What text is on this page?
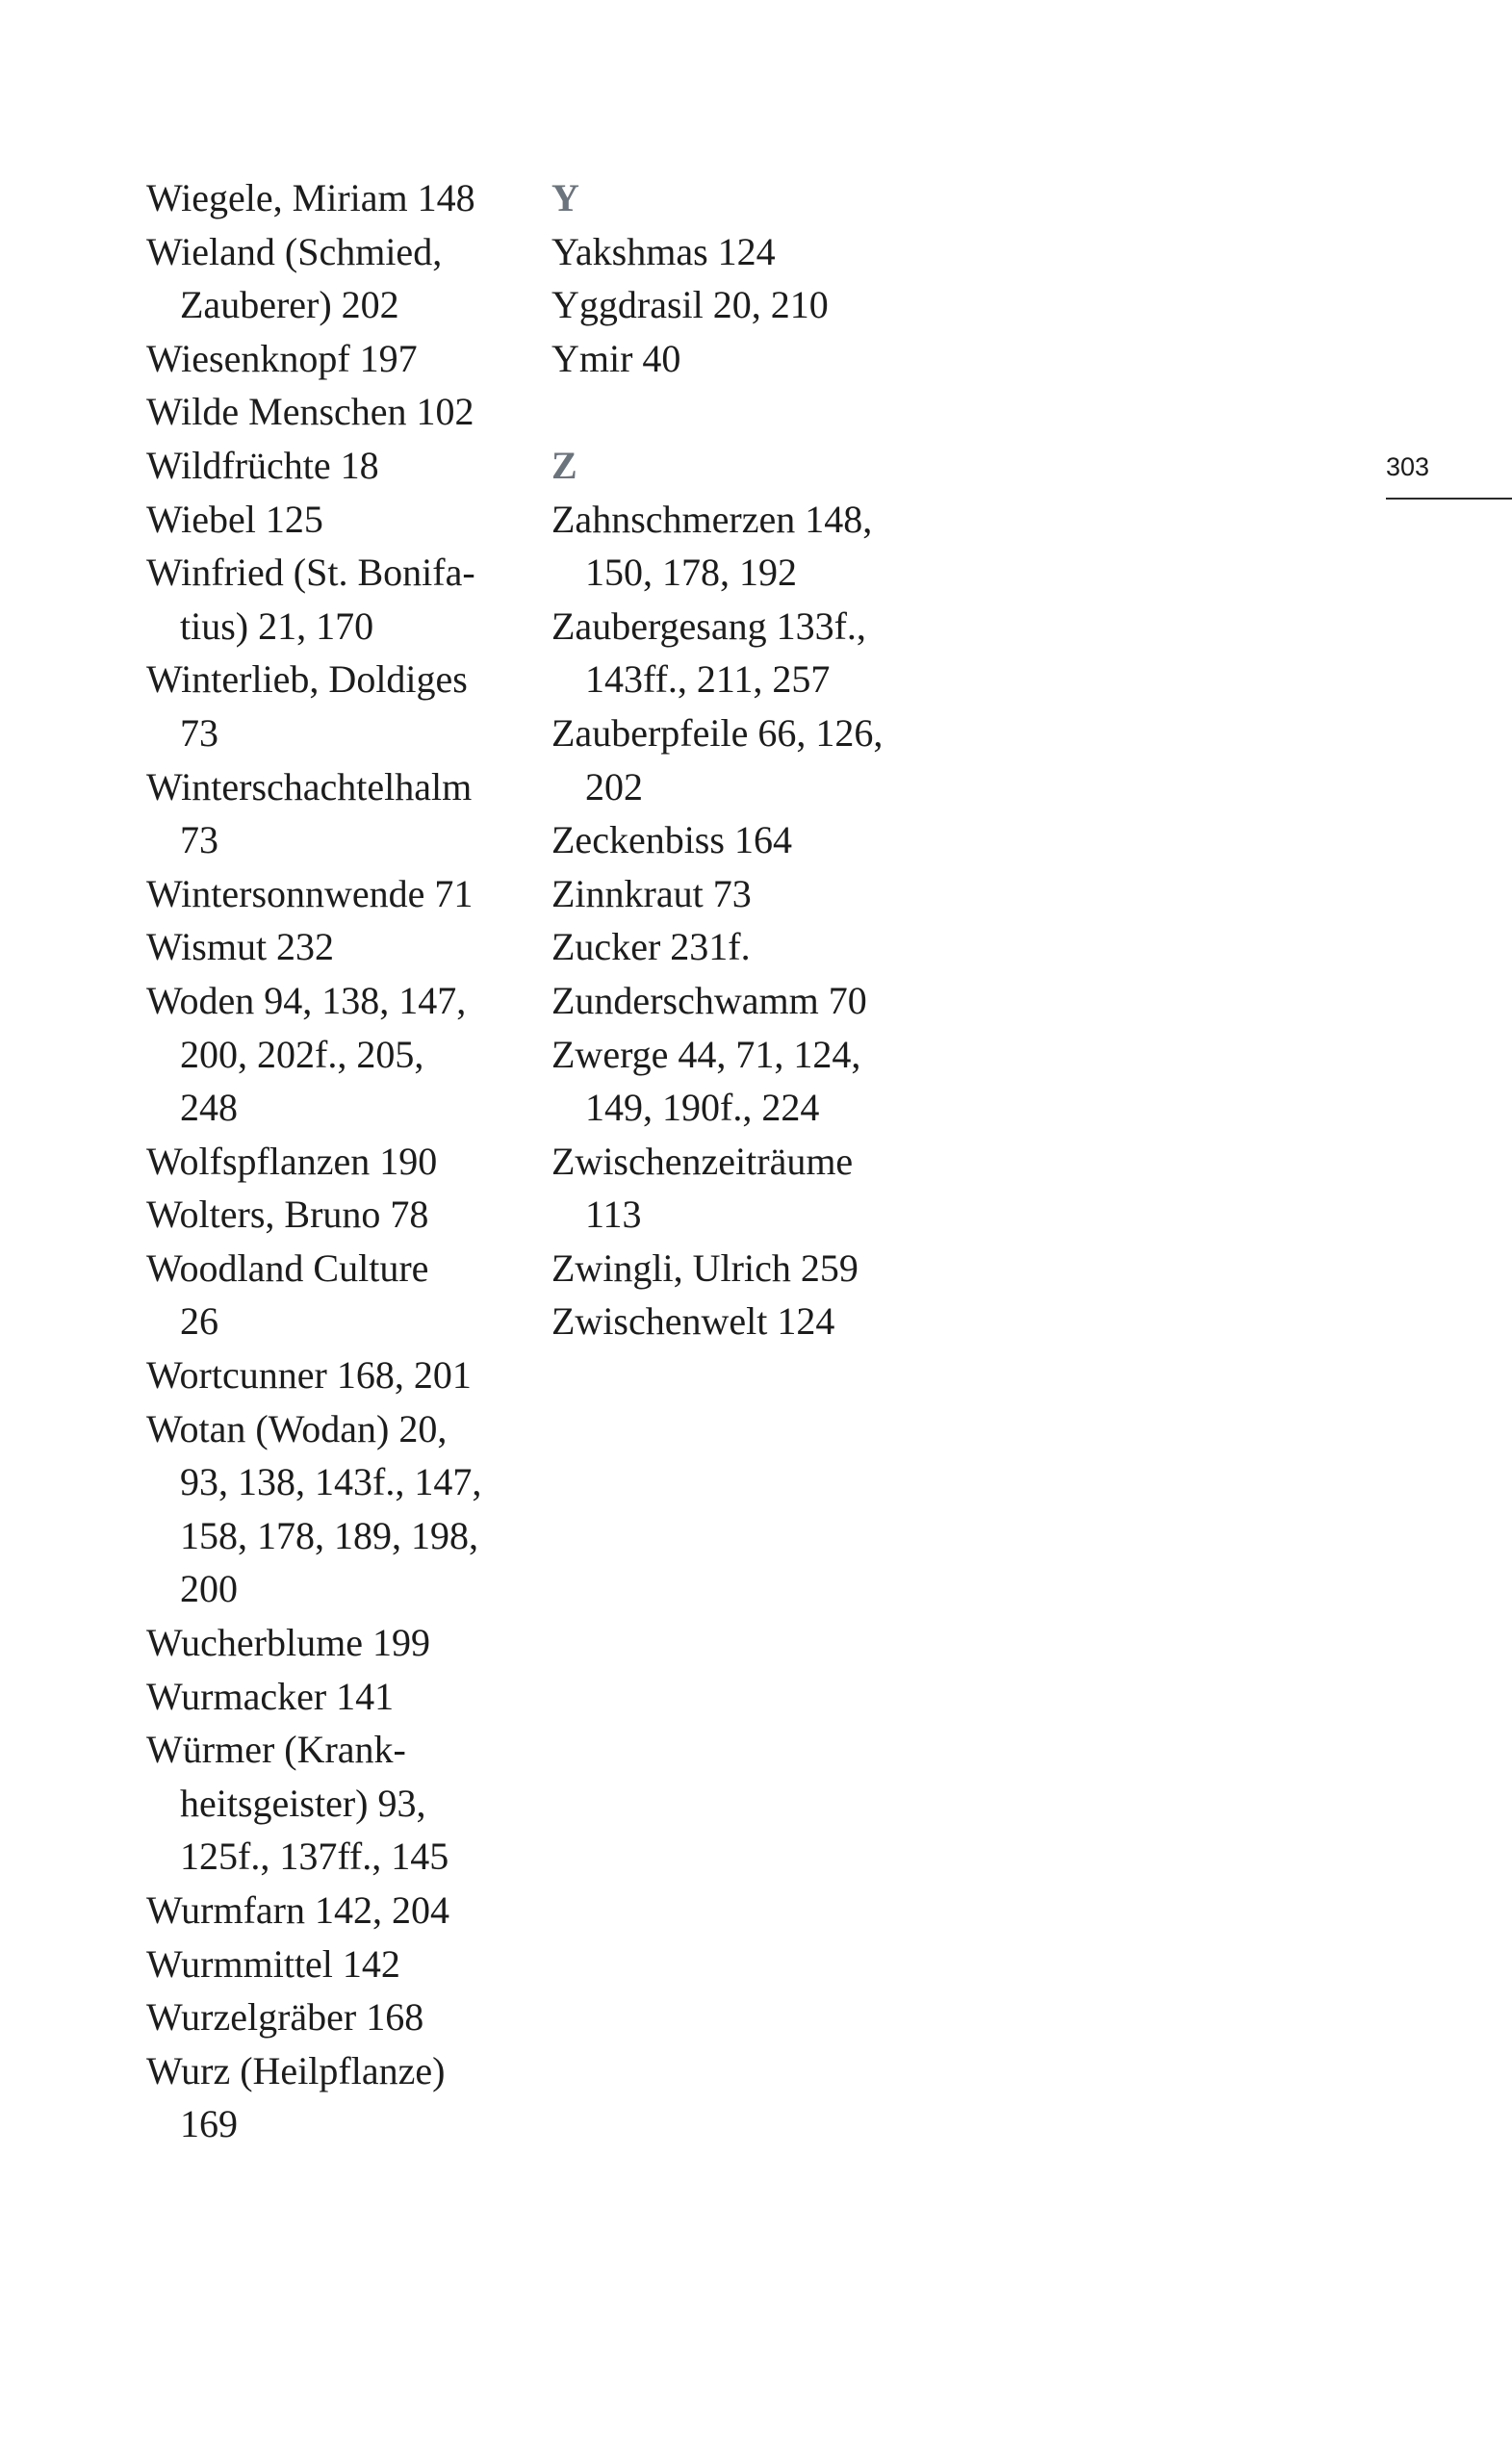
Wiegele, Miriam 148

Wieland (Schmied,
Zauberer) 202

Wiesenknopf 197

Wilde Menschen 102

Wildfrüchte 18

Wiebel 125

Winfried (St. Bonifa-
tius) 21, 170

Winterlieb, Doldiges
73

Winterschachtelhalm
73

Wintersonnwende 71

Wismut 232

Woden 94, 138, 147,
200, 202f., 205,
248

Wolfspflanzen 190

Wolters, Bruno 78

Woodland Culture
26

Wortcunner 168, 201

Wotan (Wodan) 20,
93, 138, 143f., 147,
158, 178, 189, 198,
200

Wucherblume 199

Wurmacker 141

Würmer (Krank-
heitsgeister) 93,
125f., 137ff., 145

Wurmfarn 142, 204

Wurmmittel 142

Wurzelgräber 168

Wurz (Heilpflanze)
169

Y

Yakshmas 124

Yggdrasil 20, 210

Ymir 40

Z

Zahnschmerzen 148,
150, 178, 192

Zaubergesang 133f.,
143ff., 211, 257

Zauberpfeile 66, 126,
202

Zeckenbiss 164

Zinnkraut 73

Zucker 231f.

Zunderschwamm 70

Zwerge 44, 71, 124,
149, 190f., 224

Zwischenzeiträume
113

Zwingli, Ulrich 259

Zwischenwelt 124

303
